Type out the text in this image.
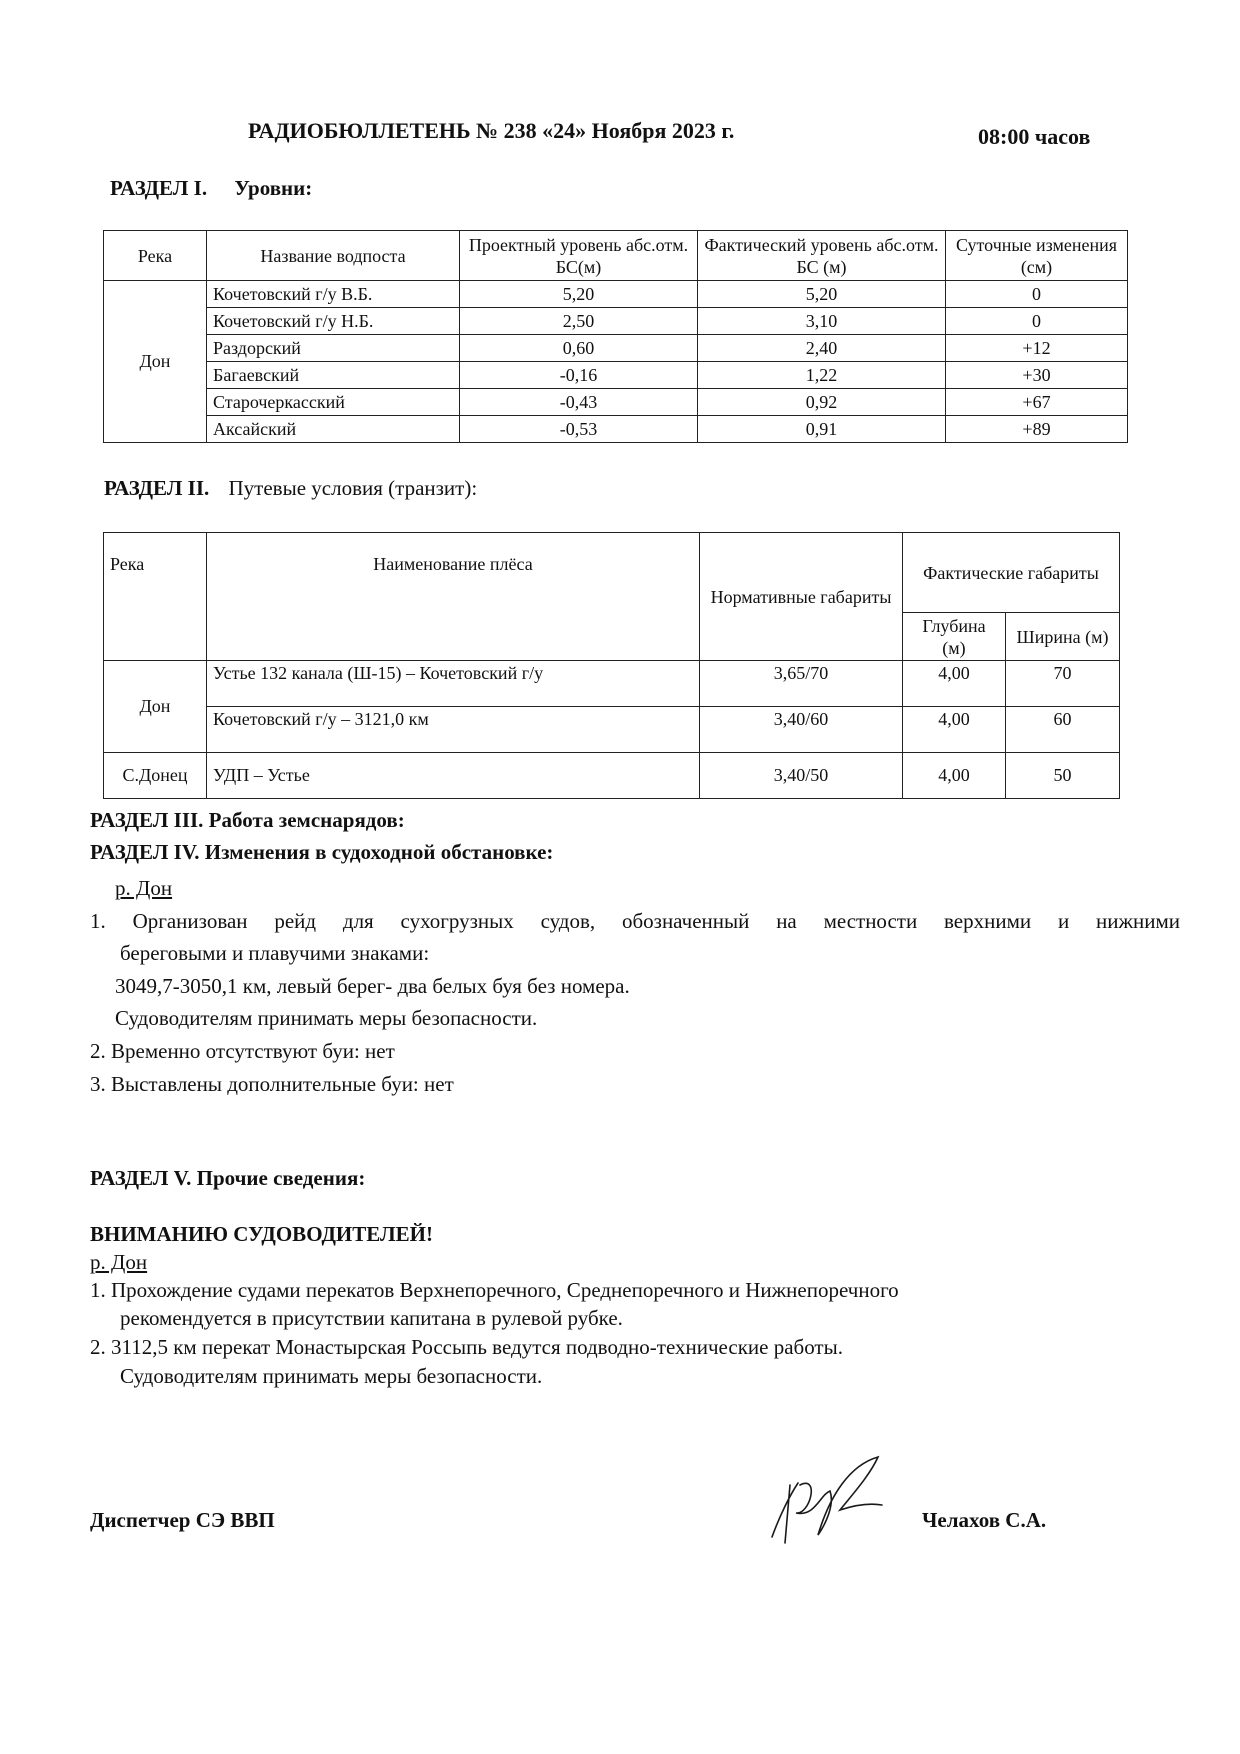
РАДИОБЮЛЛЕТЕНЬ № 238 «24» Ноября 2023 г.	08:00 часов
РАЗДЕЛ I. Уровни:
Река	Название водпоста	Проектный уровень абс.отм. БС(м)	Фактический уровень абс.отм. БС (м)	Суточные изменения (см)
Дон	Кочетовский г/у В.Б.	5,20	5,20	0
	Кочетовский г/у Н.Б.	2,50	3,10	0
	Раздорский	0,60	2,40	+12
	Багаевский	-0,16	1,22	+30
	Старочеркасский	-0,43	0,92	+67
	Аксайский	-0,53	0,91	+89
РАЗДЕЛ II. Путевые условия (транзит):
Река	Наименование плёса	Нормативные габариты	Фактические габариты	
			Глубина (м)	Ширина (м)
Дон	Устье 132 канала (Ш-15) – Кочетовский г/у	3,65/70	4,00	70
	Кочетовский г/у – 3121,0 км	3,40/60	4,00	60
С.Донец	УДП – Устье	3,40/50	4,00	50
РАЗДЕЛ III. Работа земснарядов:
РАЗДЕЛ IV. Изменения в судоходной обстановке:
р. Дон
1. Организован рейд для сухогрузных судов, обозначенный на местности верхними и нижними
береговыми и плавучими знаками:
3049,7-3050,1 км, левый берег- два белых буя без номера.
Судоводителям принимать меры безопасности.
2. Временно отсутствуют буи: нет
3. Выставлены дополнительные буи: нет
РАЗДЕЛ V. Прочие сведения:
ВНИМАНИЮ СУДОВОДИТЕЛЕЙ!
р. Дон
1. Прохождение судами перекатов Верхнепоречного, Среднепоречного и Нижнепоречного
рекомендуется в присутствии капитана в рулевой рубке.
2. 3112,5 км перекат Монастырская Россыпь ведутся подводно-технические работы.
Судоводителям принимать меры безопасности.
Диспетчер СЭ ВВП	Челахов С.А.
